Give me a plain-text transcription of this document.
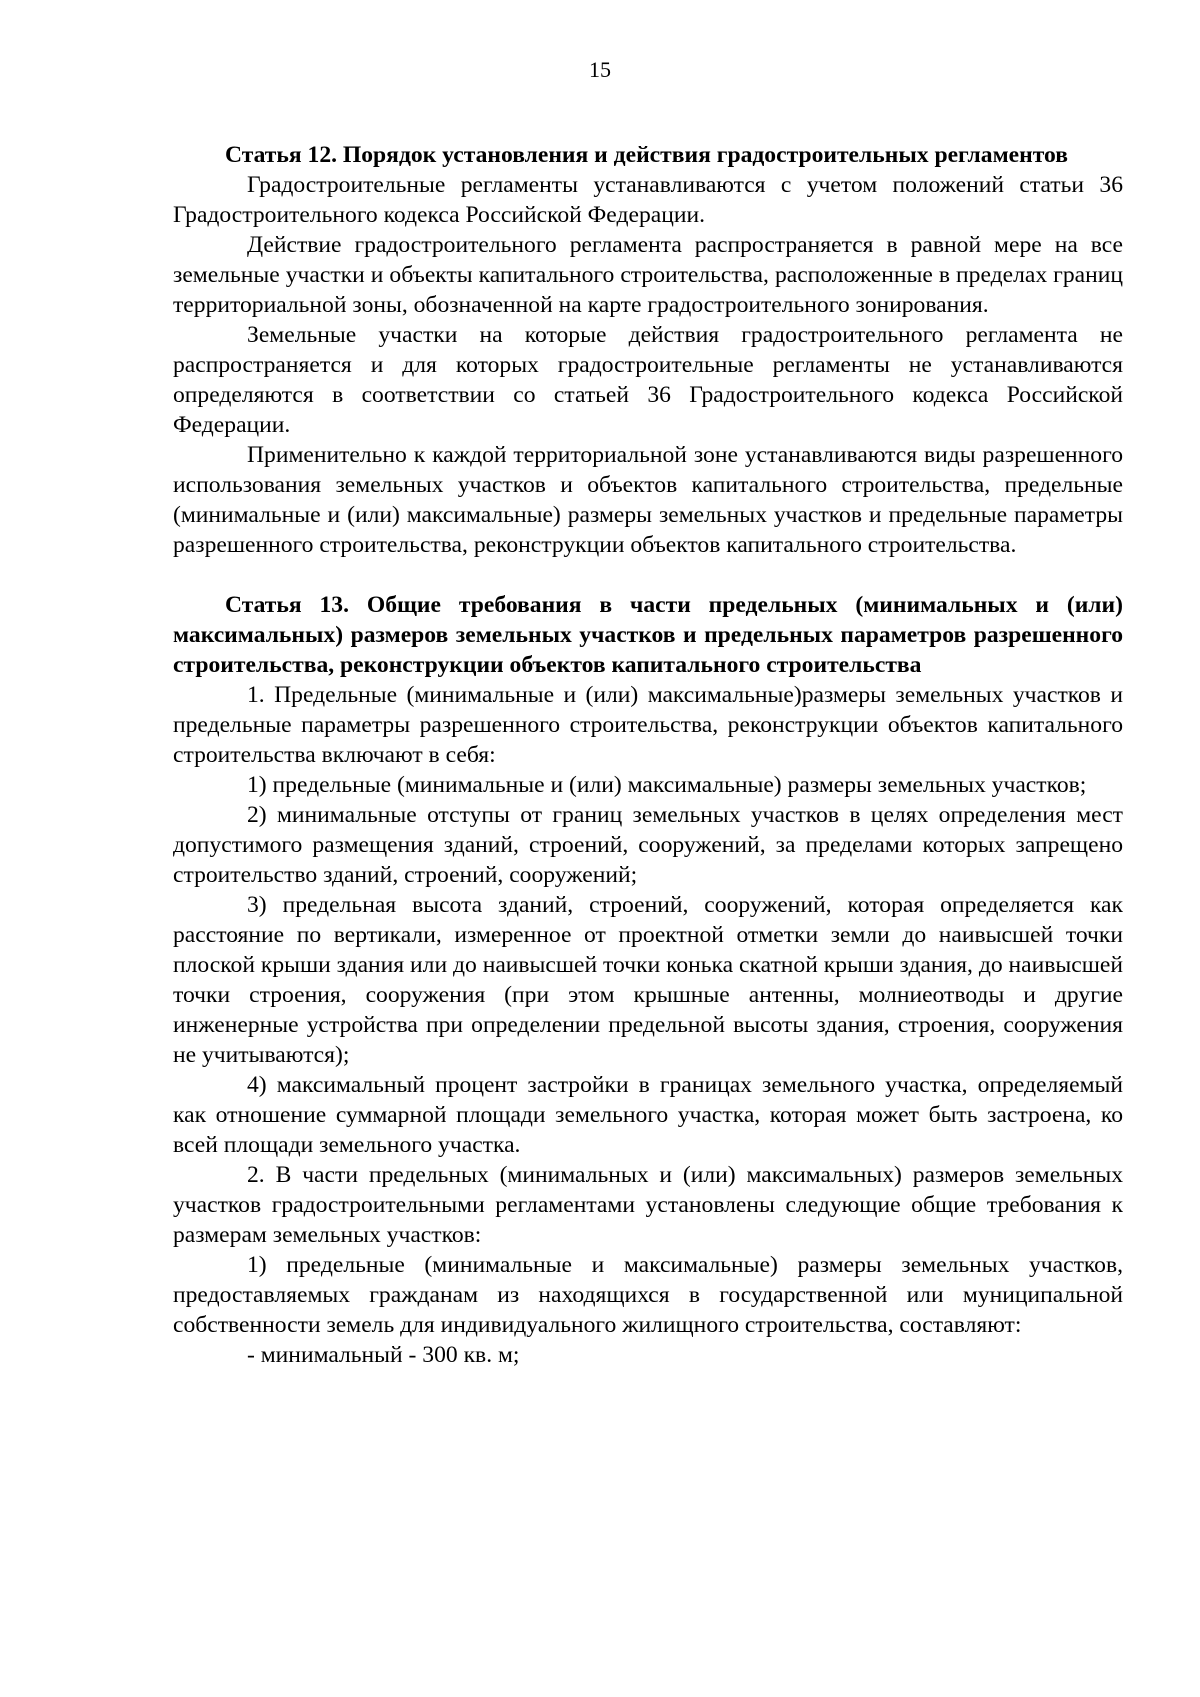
15

Статья 12. Порядок установления и действия градостроительных регламентов

Градостроительные регламенты устанавливаются с учетом положений статьи 36 Градостроительного кодекса Российской Федерации.

Действие градостроительного регламента распространяется в равной мере на все земельные участки и объекты капитального строительства, расположенные в пределах границ территориальной зоны, обозначенной на карте градостроительного зонирования.

Земельные участки на которые действия градостроительного регламента не распространяется и для которых градостроительные регламенты не устанавливаются определяются в соответствии со статьей 36 Градостроительного кодекса Российской Федерации.

Применительно к каждой территориальной зоне устанавливаются виды разрешенного использования земельных участков и объектов капитального строительства, предельные (минимальные и (или) максимальные) размеры земельных участков и предельные параметры разрешенного строительства, реконструкции объектов капитального строительства.

Статья 13. Общие требования в части предельных (минимальных и (или) максимальных) размеров земельных участков и предельных параметров разрешенного строительства, реконструкции объектов капитального строительства

1. Предельные (минимальные и (или) максимальные)размеры земельных участков и предельные параметры разрешенного строительства, реконструкции объектов капитального строительства включают в себя:

1) предельные (минимальные и (или) максимальные) размеры земельных участков;

2) минимальные отступы от границ земельных участков в целях определения мест допустимого размещения зданий, строений, сооружений, за пределами которых запрещено строительство зданий, строений, сооружений;

3) предельная высота зданий, строений, сооружений, которая определяется как расстояние по вертикали, измеренное от проектной отметки земли до наивысшей точки плоской крыши здания или до наивысшей точки конька скатной крыши здания, до наивысшей точки строения, сооружения (при этом крышные антенны, молниеотводы и другие инженерные устройства при определении предельной высоты здания, строения, сооружения не учитываются);

4) максимальный процент застройки в границах земельного участка, определяемый как отношение суммарной площади земельного участка, которая может быть застроена, ко всей площади земельного участка.

2. В части предельных (минимальных и (или) максимальных) размеров земельных участков градостроительными регламентами установлены следующие общие требования к размерам земельных участков:

1) предельные (минимальные и максимальные) размеры земельных участков, предоставляемых гражданам из находящихся в государственной или муниципальной собственности земель для индивидуального жилищного строительства, составляют:

- минимальный - 300 кв. м;
